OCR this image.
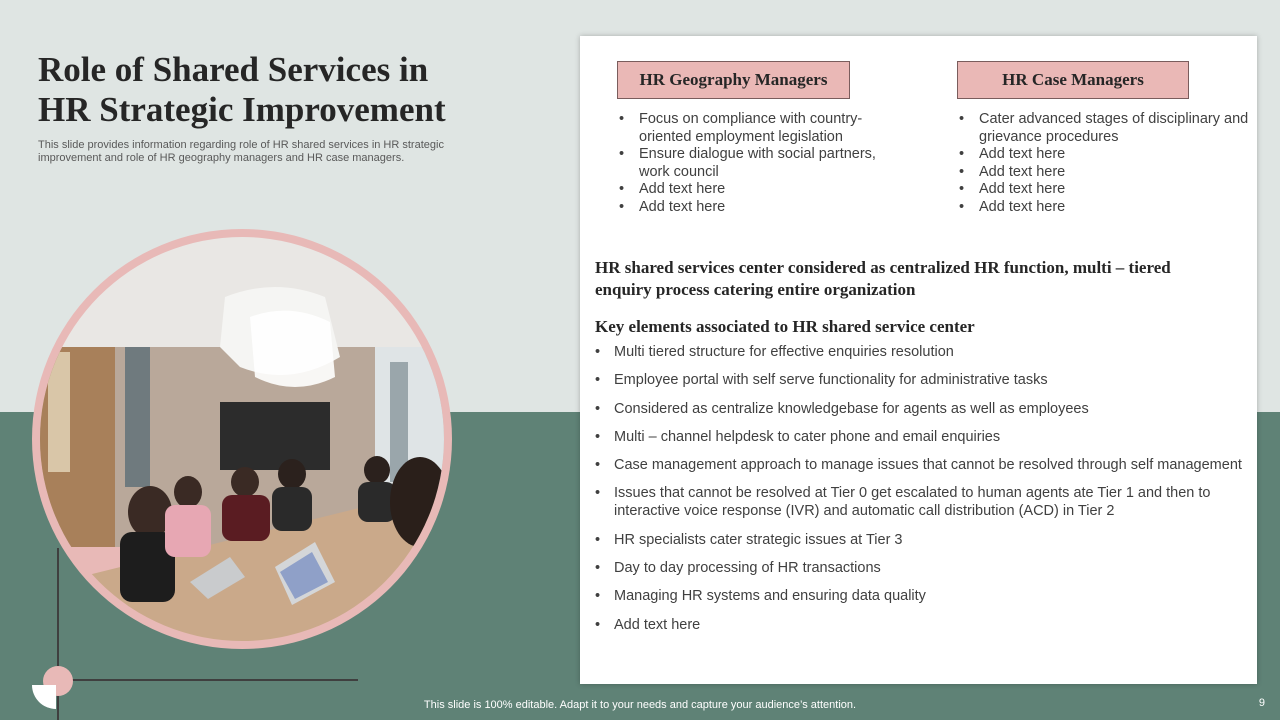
Role of Shared Services in
HR Strategic Improvement

This slide provides information regarding role of HR shared services in HR strategic improvement and role of HR geography managers and HR case managers.

HR Geography Managers	HR Case Managers
• Focus on compliance with country-oriented employment legislation
• Ensure dialogue with social partners, work council
• Add text here
• Add text here
• Cater advanced stages of disciplinary and grievance procedures
• Add text here
• Add text here
• Add text here
• Add text here

HR shared services center considered as centralized HR function, multi – tiered enquiry process catering entire organization

Key elements associated to HR shared service center

• Multi tiered structure for effective enquiries resolution
• Employee portal with self serve functionality for administrative tasks
• Considered as centralize knowledgebase for agents as well as employees
• Multi – channel helpdesk to cater phone and email enquiries
• Case management approach to manage issues that cannot be resolved through self management
• Issues that cannot be resolved at Tier 0 get escalated to human agents ate Tier 1 and then to interactive voice response (IVR) and automatic call distribution (ACD) in Tier 2
• HR specialists cater strategic issues at Tier 3
• Day to day processing of HR transactions
• Managing HR systems and ensuring data quality
• Add text here
This slide is 100% editable. Adapt it to your needs and capture your audience’s attention.	9
